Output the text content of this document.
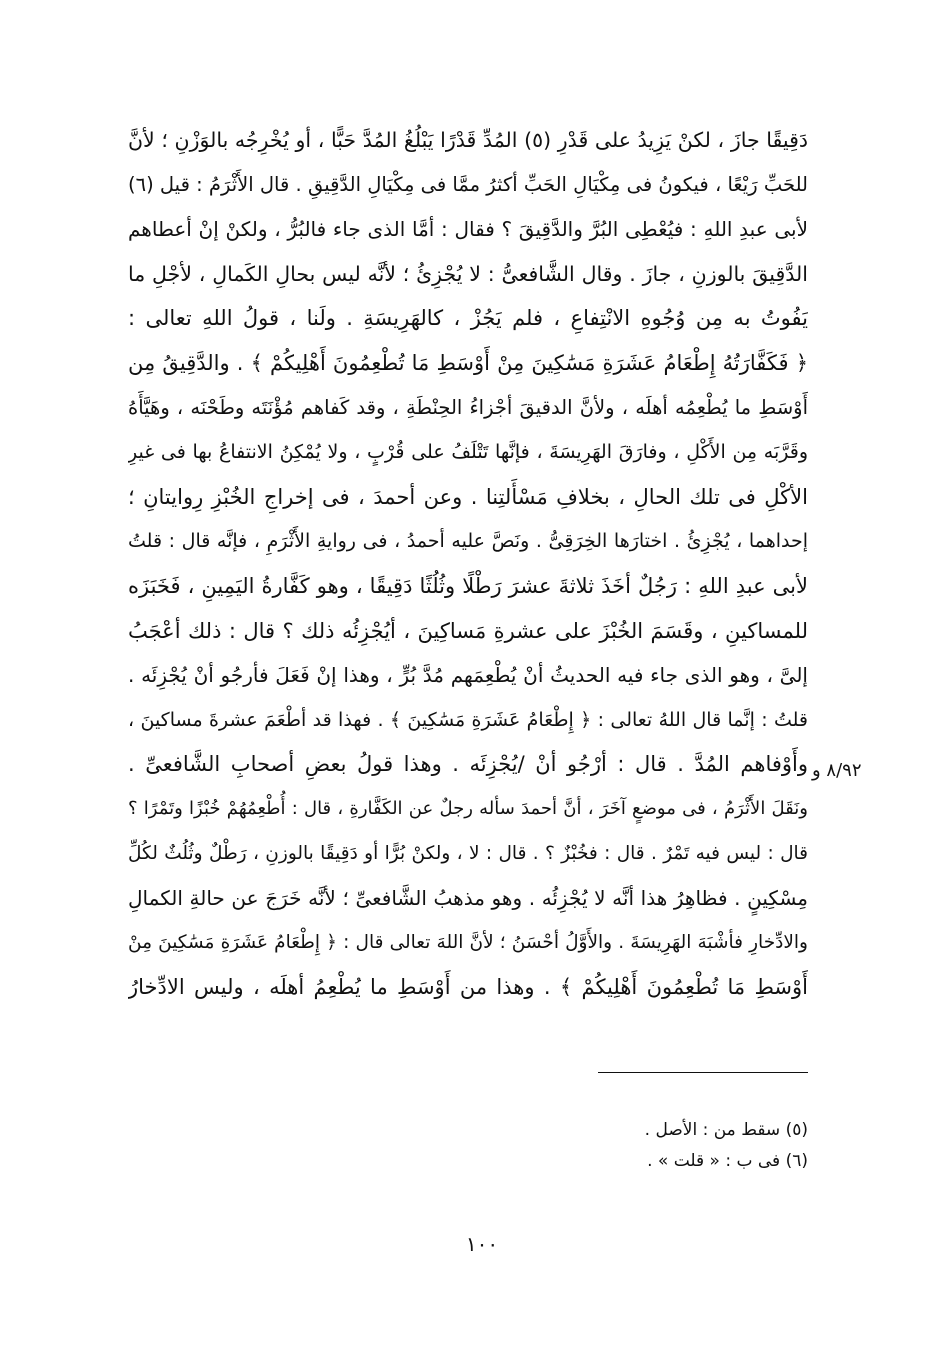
دَقِيقًا جازَ ، لكنْ يَزِيدُ على قَدْرِ (٥) المُدِّ قَدْرًا يَبْلُغُ المُدَّ حَبًّا ، أو يُخْرِجُه بالوَزْنِ ؛ لأنَّ
للحَبِّ رَيْعًا ، فيكونُ فى مِكْيَالِ الحَبِّ أكثرُ ممَّا فى مِكْيَالِ الدَّقِيقِ . قال الأَثْرَمُ : قيل (٦)
لأبى عبدِ اللهِ : فيُعْطِى البُرَّ والدَّقِيقَ ؟ فقال : أمَّا الذى جاء فالبُرُّ ، ولكنْ إنْ أعطاهم
الدَّقِيقَ بالوزنِ ، جازَ . وقال الشَّافعىُّ : لا يُجْزِئُ ؛ لأنَّه ليس بحالِ الكَمالِ ، لأجْلِ ما
يَفُوتُ به مِن وُجُوهِ الانْتِفاعِ ، فلم يَجُزْ ، كالهَرِيسَةِ . ولَنا ، قولُ اللهِ تعالى :
﴿ فَكَفَّارَتُهُ إِطْعَامُ عَشَرَةِ مَسَٰكِينَ مِنْ أَوْسَطِ مَا تُطْعِمُونَ أَهْلِيكُمْ ﴾ . والدَّقِيقُ مِن
أَوْسَطِ ما يُطْعِمُه أهلَه ، ولأنَّ الدقيقَ أجْزاءُ الحِنْطَةِ ، وقد كَفاهم مُؤْنَتَه وطَحْنَه ، وهَيَّأَهُ
وقَرَّبَه مِن الأَكْلِ ، وفارَقَ الهَرِيسَةَ ، فإنَّها تَتْلَفُ على قُرْبٍ ، ولا يُمْكِنُ الانتفاعُ بها فى غيرِ
الأكْلِ فى تلك الحالِ ، بخلافِ مَسْأَلتِنا . وعن أحمدَ ، فى إخراجِ الخُبْزِ رِوايتانِ ؛
إحداهما ، يُجْزِئُ . اختارَها الخِرَقِىُّ . ونَصَّ عليه أحمدُ ، فى روايةِ الأَثْرَمِ ، فإنَّه قال : قلتُ
لأبى عبدِ اللهِ : رَجُلٌ أخَذَ ثلاثةَ عشرَ رَطْلًا وثُلُثًا دَقِيقًا ، وهو كَفَّارةُ اليَمِينِ ، فَخَبَزَه
للمساكينِ ، وقَسَمَ الخُبْزَ على عشرةِ مَساكِينَ ، أيُجْزِئُه ذلك ؟ قال : ذلك أعْجَبُ
إلىَّ ، وهو الذى جاء فيه الحديثُ أنْ يُطْعِمَهم مُدَّ بُرٍّ ، وهذا إنْ فَعَلَ فأرجُو أنْ يُجْزِئَه .
قلتُ : إنَّما قال اللهُ تعالى : ﴿ إِطْعَامُ عَشَرَةِ مَسَٰكِينَ ﴾ . فهذا قد أطْعَمَ عشرةَ مساكينَ ،
وأَوْفاهم المُدَّ . قال : أرْجُو أنْ /يُجْزِئَه . وهذا قولُ بعضِ أصحابِ الشَّافعىِّ .
ونَقَلَ الأَثْرَمُ ، فى موضعٍ آخَرَ ، أنَّ أحمدَ سأله رجلٌ عن الكَفَّارةِ ، قال : أُطْعِمُهُمْ خُبْزًا وتَمْرًا ؟
قال : ليس فيه تَمْرٌ . قال : فخُبْزٌ ؟ . قال : لا ، ولكنْ بُرًّا أو دَقِيقًا بالوزنِ ، رَطْلٌ وثُلُثٌ لكُلِّ
مِسْكِينٍ . فظاهِرُ هذا أنَّه لا يُجْزِئُه . وهو مذهبُ الشَّافعىِّ ؛ لأنَّه خَرَجَ عن حالةِ الكمالِ
والادِّخارِ فأشْبَهَ الهَرِيسَةَ . والأَوَّلُ أحْسَنُ ؛ لأنَّ اللهَ تعالى قال : ﴿ إِطْعَامُ عَشَرَةِ مَسَٰكِينَ مِنْ
أَوْسَطِ مَا تُطْعِمُونَ أَهْلِيكُمْ ﴾ . وهذا من أَوْسَطِ ما يُطْعِمُ أهلَه ، وليس الادِّخارُ
٨/٩٢ و
(٥) سقط من : الأصل .
(٦) فى ب : « قلت » .
١٠٠
